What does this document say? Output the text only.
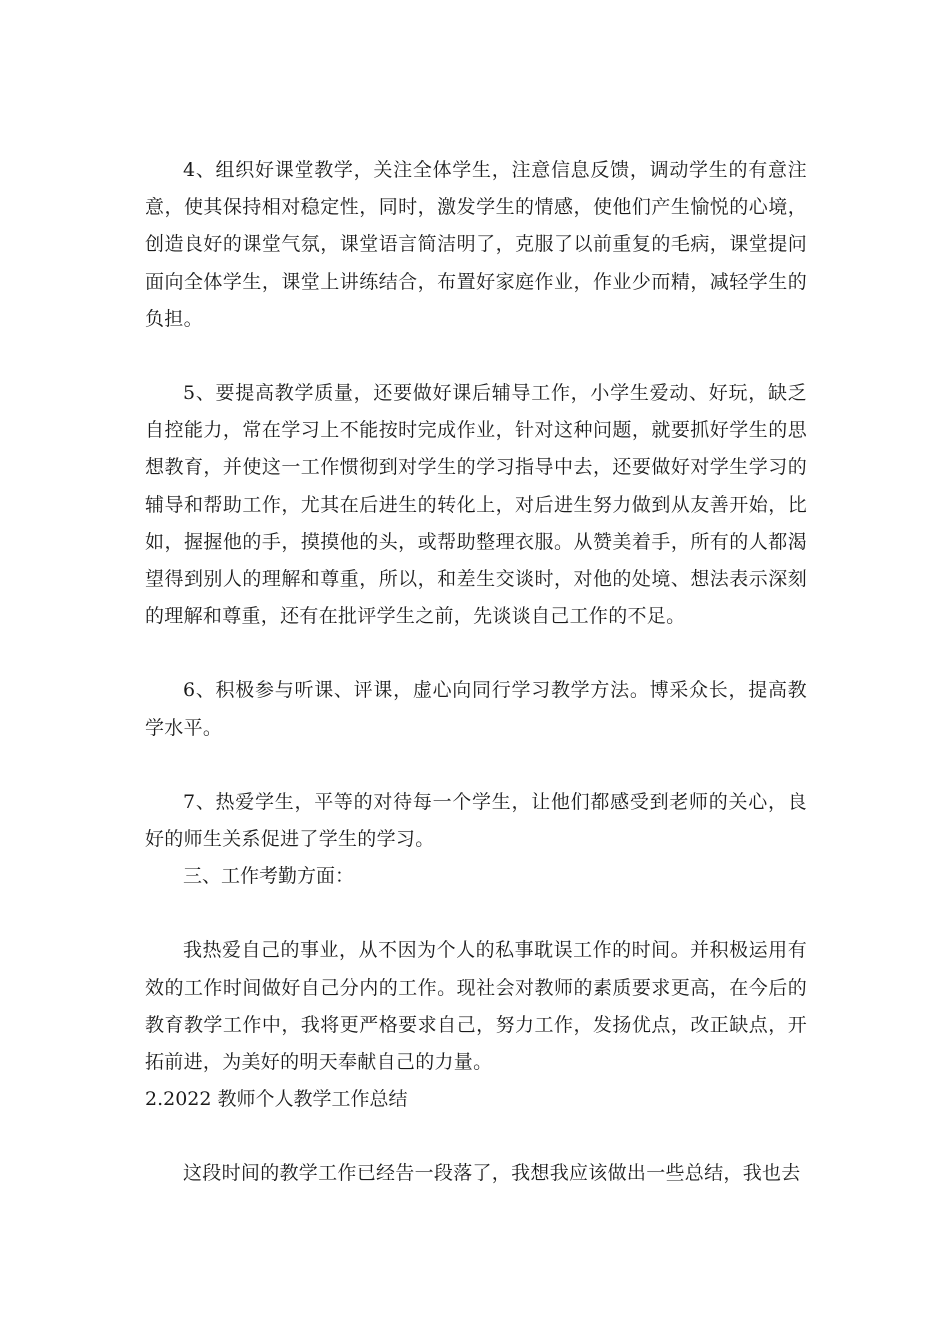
4、组织好课堂教学，关注全体学生，注意信息反馈，调动学生的有意注意，使其保持相对稳定性，同时，激发学生的情感，使他们产生愉悦的心境，创造良好的课堂气氛，课堂语言简洁明了，克服了以前重复的毛病，课堂提问面向全体学生，课堂上讲练结合，布置好家庭作业，作业少而精，减轻学生的负担。

5、要提高教学质量，还要做好课后辅导工作，小学生爱动、好玩，缺乏自控能力，常在学习上不能按时完成作业，针对这种问题，就要抓好学生的思想教育，并使这一工作惯彻到对学生的学习指导中去，还要做好对学生学习的辅导和帮助工作，尤其在后进生的转化上，对后进生努力做到从友善开始，比如，握握他的手，摸摸他的头，或帮助整理衣服。从赞美着手，所有的人都渴望得到别人的理解和尊重，所以，和差生交谈时，对他的处境、想法表示深刻的理解和尊重，还有在批评学生之前，先谈谈自己工作的不足。

6、积极参与听课、评课，虚心向同行学习教学方法。博采众长，提高教学水平。

7、热爱学生，平等的对待每一个学生，让他们都感受到老师的关心，良好的师生关系促进了学生的学习。

三、工作考勤方面：

我热爱自己的事业，从不因为个人的私事耽误工作的时间。并积极运用有效的工作时间做好自己分内的工作。现社会对教师的素质要求更高，在今后的教育教学工作中，我将更严格要求自己，努力工作，发扬优点，改正缺点，开拓前进，为美好的明天奉献自己的力量。

2.2022 教师个人教学工作总结

这段时间的教学工作已经告一段落了，我想我应该做出一些总结，我也去
